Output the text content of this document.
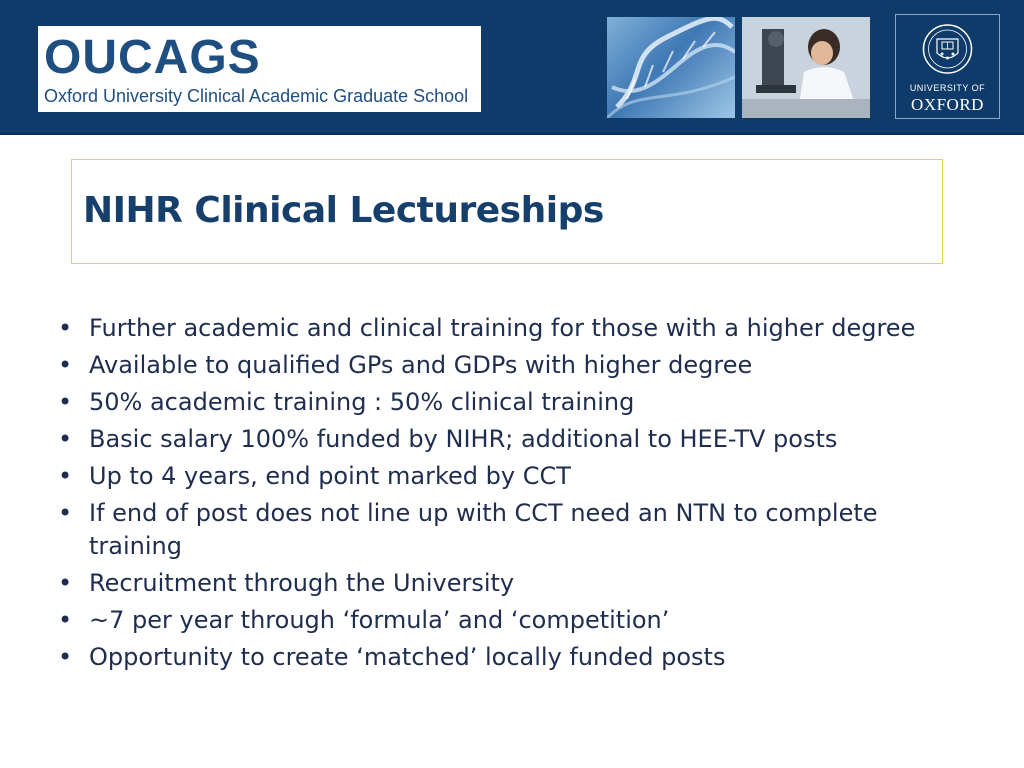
OUCAGS
Oxford University Clinical Academic Graduate School	UNIVERSITY OF
OXFORD
NIHR Clinical Lectureships
• Further academic and clinical training for those with a higher degree
• Available to qualified GPs and GDPs with higher degree
• 50% academic training : 50% clinical training
• Basic salary 100% funded by NIHR; additional to HEE-TV posts
• Up to 4 years, end point marked by CCT
• If end of post does not line up with CCT need an NTN to complete training
• Recruitment through the University
• ~7 per year through ‘formula’ and ‘competition’
• Opportunity to create ‘matched’ locally funded posts
